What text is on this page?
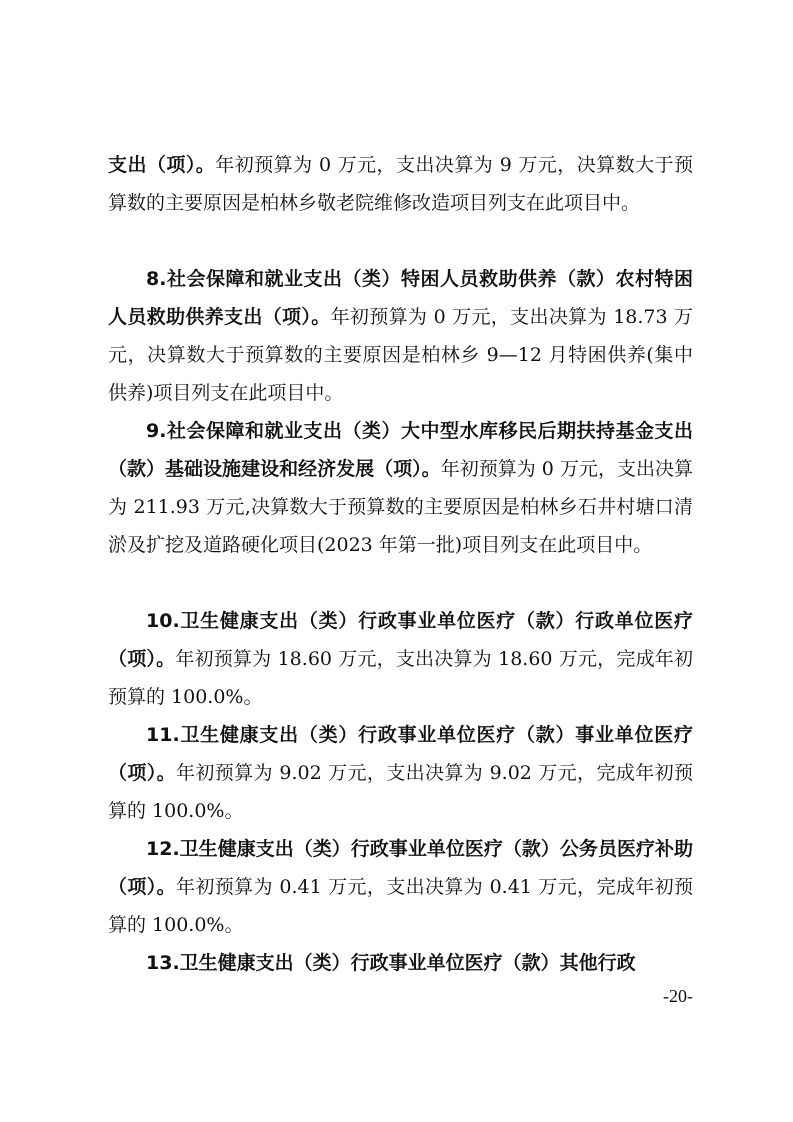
支出（项）。年初预算为 0 万元，支出决算为 9 万元，决算数大于预算数的主要原因是柏林乡敬老院维修改造项目列支在此项目中。

8.社会保障和就业支出（类）特困人员救助供养（款）农村特困人员救助供养支出（项）。年初预算为 0 万元，支出决算为 18.73 万元，决算数大于预算数的主要原因是柏林乡 9—12 月特困供养(集中供养)项目列支在此项目中。

9.社会保障和就业支出（类）大中型水库移民后期扶持基金支出（款）基础设施建设和经济发展（项）。年初预算为 0 万元，支出决算为 211.93 万元,决算数大于预算数的主要原因是柏林乡石井村塘口清淤及扩挖及道路硬化项目(2023 年第一批)项目列支在此项目中。

10.卫生健康支出（类）行政事业单位医疗（款）行政单位医疗（项）。年初预算为 18.60 万元，支出决算为 18.60 万元，完成年初预算的 100.0%。

11.卫生健康支出（类）行政事业单位医疗（款）事业单位医疗（项）。年初预算为 9.02 万元，支出决算为 9.02 万元，完成年初预算的 100.0%。

12.卫生健康支出（类）行政事业单位医疗（款）公务员医疗补助（项）。年初预算为 0.41 万元，支出决算为 0.41 万元，完成年初预算的 100.0%。

13.卫生健康支出（类）行政事业单位医疗（款）其他行政

-20-
